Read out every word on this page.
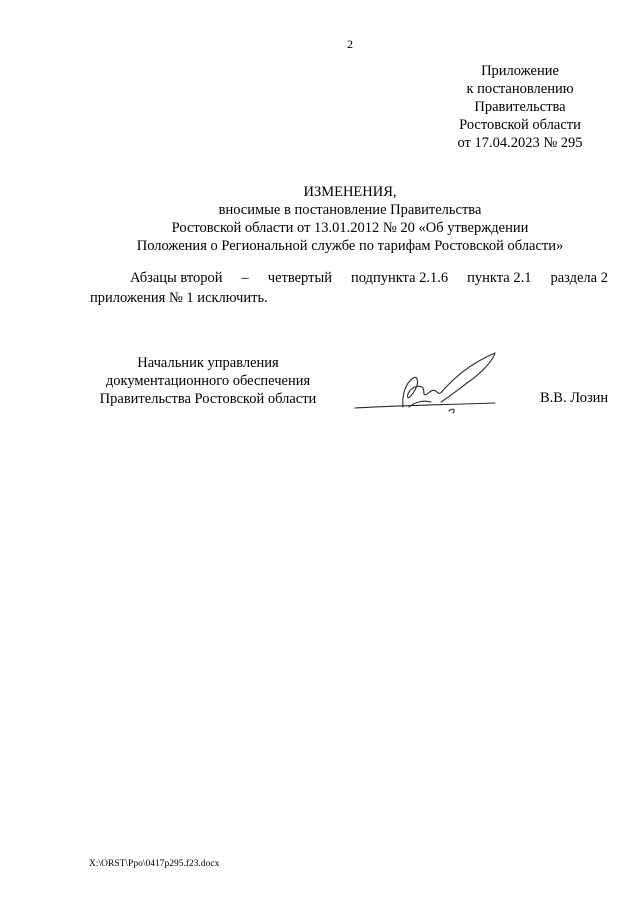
2
Приложение
к постановлению
Правительства
Ростовской области
от 17.04.2023 № 295
ИЗМЕНЕНИЯ,
вносимые в постановление Правительства
Ростовской области от 13.01.2012 № 20 «Об утверждении
Положения о Региональной службе по тарифам Ростовской области»
Абзацы второй – четвертый подпункта 2.1.6 пункта 2.1 раздела 2
приложения № 1 исключить.
Начальник управления
документационного обеспечения
Правительства Ростовской области	В.В. Лозин
X:\ORST\Ppo\0417p295.f23.docx
